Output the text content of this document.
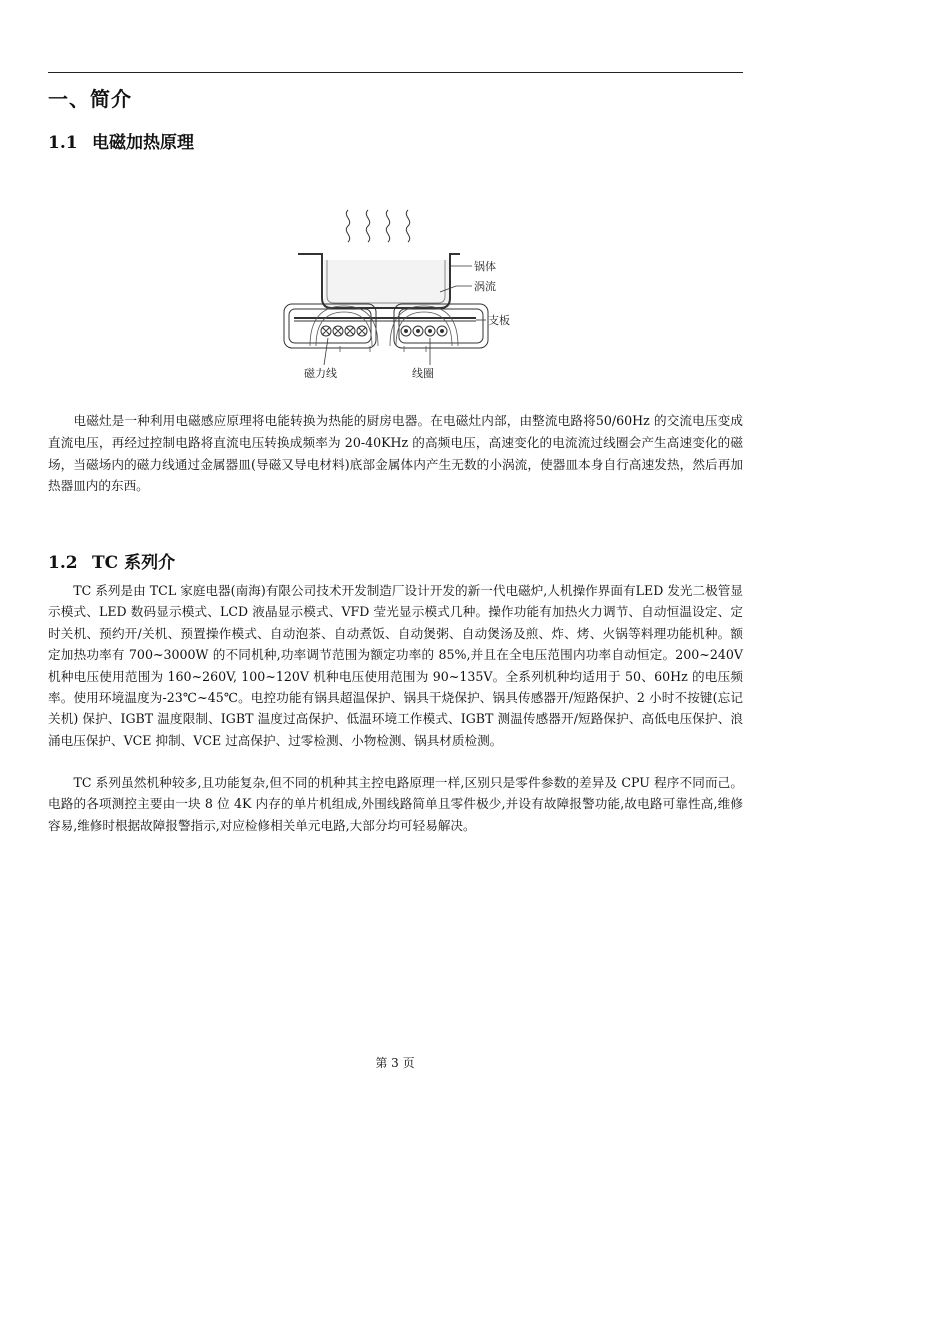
一、简介
1.1 电磁加热原理
锅体
涡流
支板
磁力线	线圈

　　电磁灶是一种利用电磁感应原理将电能转换为热能的厨房电器。在电磁灶内部，由整流电路将50/60Hz 的交流电压变成直流电压，再经过控制电路将直流电压转换成频率为 20-40KHz 的高频电压，高速变化的电流流过线圈会产生高速变化的磁场，当磁场内的磁力线通过金属器皿(导磁又导电材料)底部金属体内产生无数的小涡流，使器皿本身自行高速发热，然后再加热器皿内的东西。

1.2 TC 系列介

　　TC 系列是由 TCL 家庭电器(南海)有限公司技术开发制造厂设计开发的新一代电磁炉,人机操作界面有LED 发光二极管显示模式、LED 数码显示模式、LCD 液晶显示模式、VFD 莹光显示模式几种。操作功能有加热火力调节、自动恒温设定、定时关机、预约开/关机、预置操作模式、自动泡茶、自动煮饭、自动煲粥、自动煲汤及煎、炸、烤、火锅等料理功能机种。额定加热功率有 700~3000W 的不同机种,功率调节范围为额定功率的 85%,并且在全电压范围内功率自动恒定。200~240V 机种电压使用范围为 160~260V, 100~120V 机种电压使用范围为 90~135V。全系列机种均适用于 50、60Hz 的电压频率。使用环境温度为-23℃~45℃。电控功能有锅具超温保护、锅具干烧保护、锅具传感器开/短路保护、2 小时不按键(忘记关机) 保护、IGBT 温度限制、IGBT 温度过高保护、低温环境工作模式、IGBT 测温传感器开/短路保护、高低电压保护、浪涌电压保护、VCE 抑制、VCE 过高保护、过零检测、小物检测、锅具材质检测。

　　TC 系列虽然机种较多,且功能复杂,但不同的机种其主控电路原理一样,区别只是零件参数的差异及 CPU 程序不同而己。电路的各项测控主要由一块 8 位 4K 内存的单片机组成,外围线路简单且零件极少,并设有故障报警功能,故电路可靠性高,维修容易,维修时根据故障报警指示,对应检修相关单元电路,大部分均可轻易解决。

第 3 页
